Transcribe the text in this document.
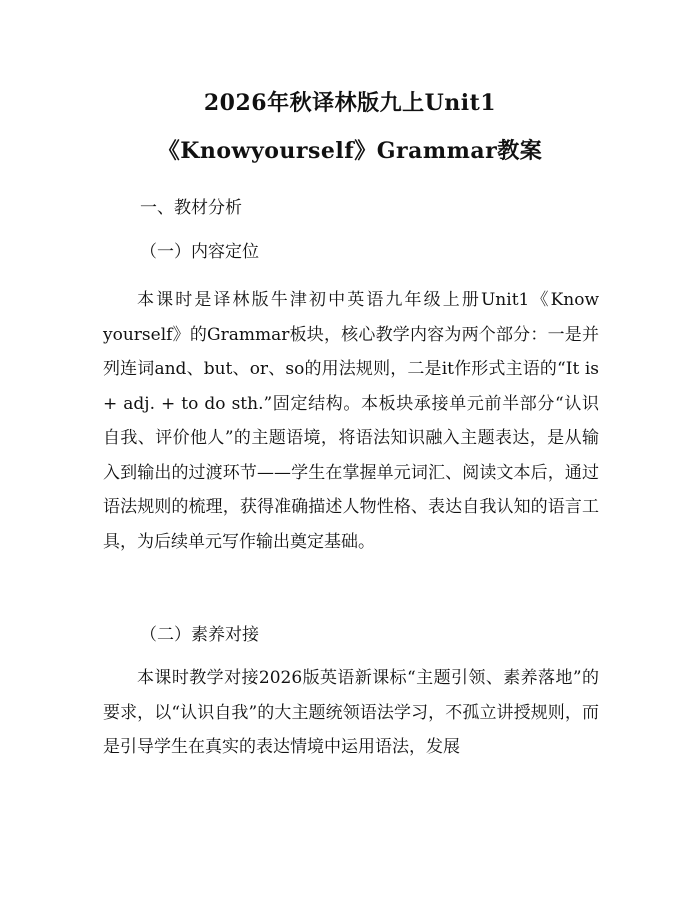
2026年秋译林版九上Unit1
《Knowyourself》Grammar教案
一、教材分析
（一）内容定位

本课时是译林版牛津初中英语九年级上册Unit1《Know yourself》的Grammar板块，核心教学内容为两个部分：一是并列连词and、but、or、so的用法规则，二是it作形式主语的“It is + adj. + to do sth.”固定结构。本板块承接单元前半部分“认识自我、评价他人”的主题语境，将语法知识融入主题表达，是从输入到输出的过渡环节——学生在掌握单元词汇、阅读文本后，通过语法规则的梳理，获得准确描述人物性格、表达自我认知的语言工具，为后续单元写作输出奠定基础。

（二）素养对接

本课时教学对接2026版英语新课标“主题引领、素养落地”的要求，以“认识自我”的大主题统领语法学习，不孤立讲授规则，而是引导学生在真实的表达情境中运用语法，发展
